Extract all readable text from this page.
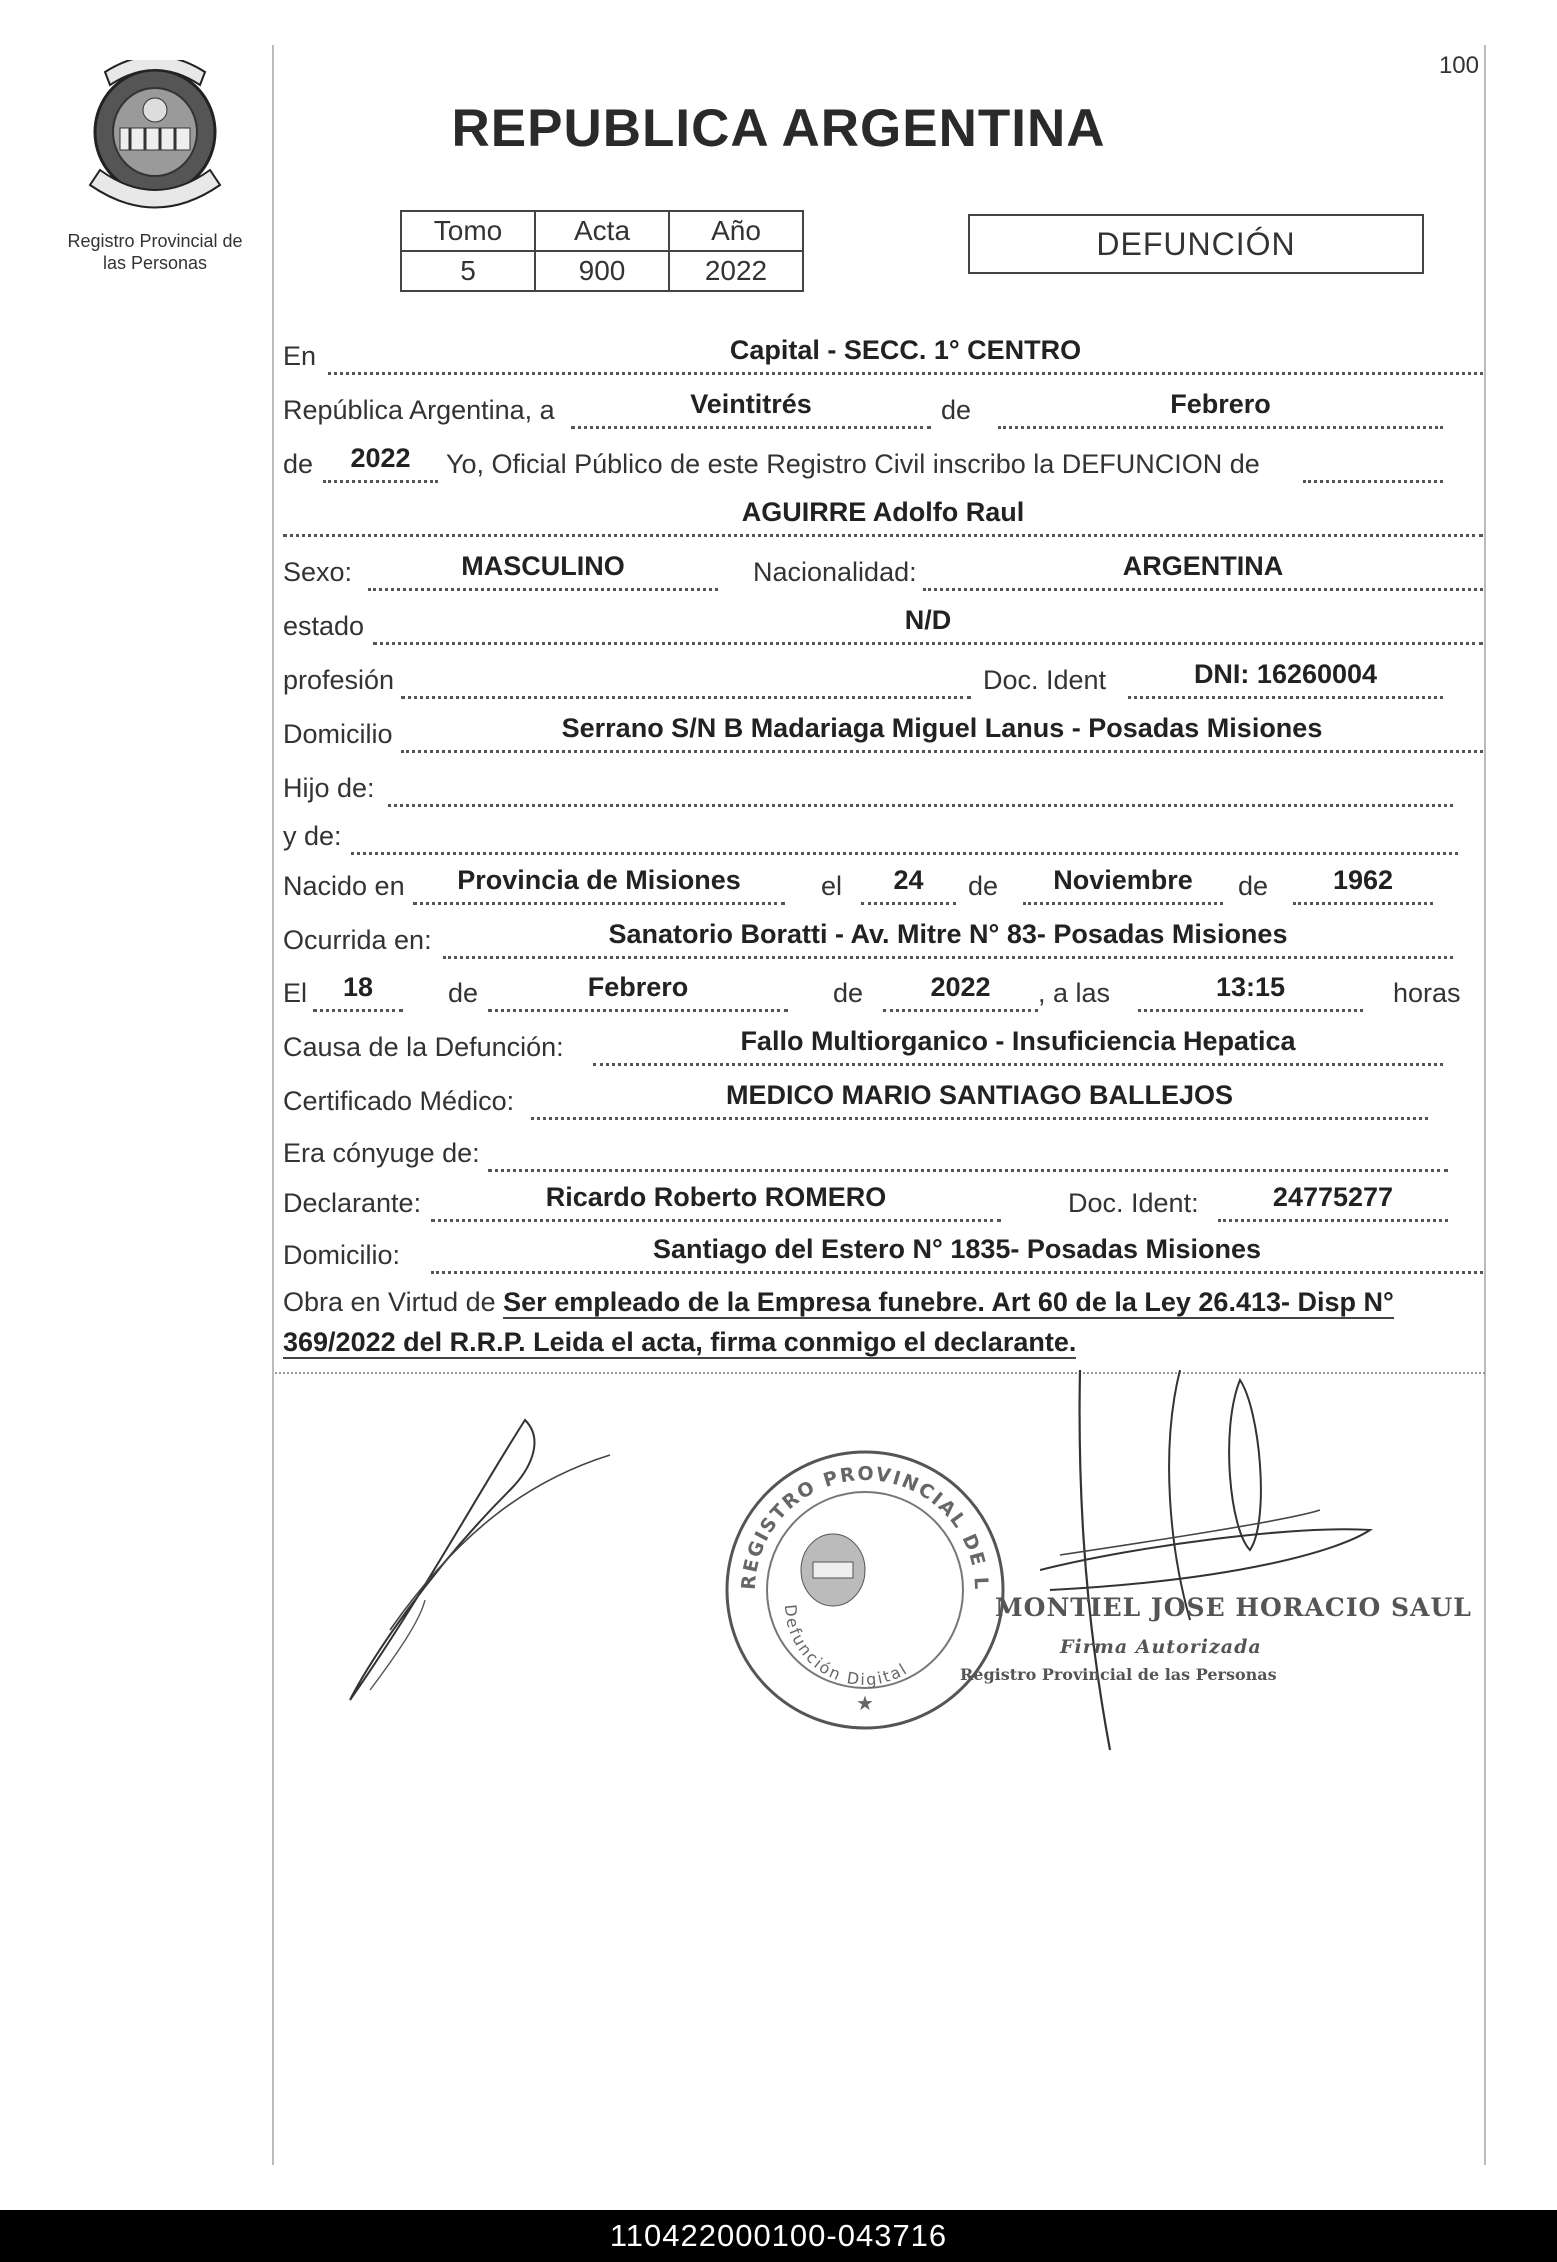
Registro Provincial de
las Personas
100
REPUBLICA ARGENTINA
Tomo	Acta	Año
5	900	2022
DEFUNCIÓN
En	Capital - SECC. 1° CENTRO
República Argentina, a	Veintitrés	de	Febrero
de	2022	Yo, Oficial Público de este Registro Civil inscribo la DEFUNCION de
AGUIRRE Adolfo Raul
Sexo:	MASCULINO	Nacionalidad:	ARGENTINA
estado	N/D
profesión	Doc. Ident	DNI: 16260004
Domicilio	Serrano S/N B Madariaga Miguel Lanus - Posadas Misiones
Hijo de:
y de:
Nacido en	Provincia de Misiones	el	24	de	Noviembre	de	1962
Ocurrida en:	Sanatorio Boratti - Av. Mitre N° 83- Posadas Misiones
El	18	de	Febrero	de	2022	, a las	13:15	horas
Causa de la Defunción:	Fallo Multiorganico - Insuficiencia Hepatica
Certificado Médico:	MEDICO MARIO SANTIAGO BALLEJOS
Era cónyuge de:
Declarante:	Ricardo Roberto ROMERO	Doc. Ident:	24775277
Domicilio:	Santiago del Estero N° 1835- Posadas Misiones
Obra en Virtud de Ser empleado de la Empresa funebre. Art 60 de la Ley 26.413- Disp N°
369/2022 del R.R.P. Leida el acta, firma conmigo el declarante.
REGISTRO PROVINCIAL DE L
Defunción Digital
★
MONTIEL JOSE HORACIO SAUL
Firma Autorizada
Registro Provincial de las Personas
110422000100-043716
